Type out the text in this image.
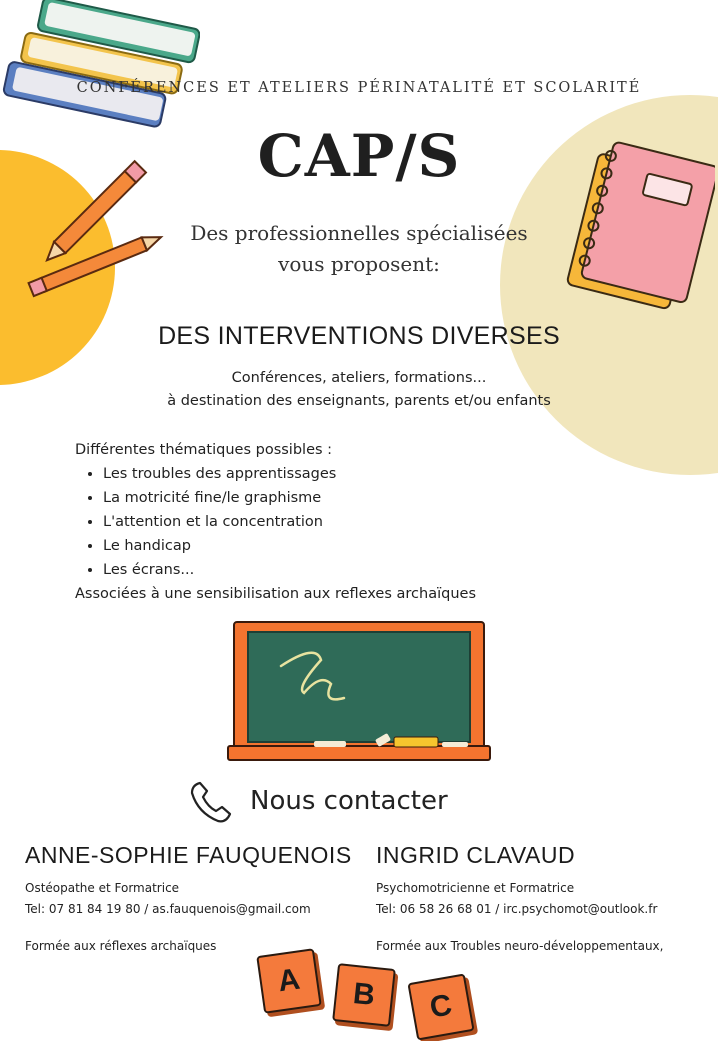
CONFÉRENCES ET ATELIERS PÉRINATALITÉ ET SCOLARITÉ
CAP/S
Des professionnelles spécialisées
vous proposent:
DES INTERVENTIONS DIVERSES
Conférences, ateliers, formations...
à destination des enseignants, parents et/ou enfants
Différentes thématiques possibles :
• Les troubles des apprentissages
• La motricité fine/le graphisme
• L'attention et la concentration
• Le handicap
• Les écrans...
Associées à une sensibilisation aux reflexes archaïques
Nous contacter
ANNE-SOPHIE FAUQUENOIS
Ostéopathe et Formatrice
Tel: 07 81 84 19 80 / as.fauquenois@gmail.com
Formée aux réflexes archaïques
INGRID CLAVAUD
Psychomotricienne et Formatrice
Tel: 06 58 26 68 01 / irc.psychomot@outlook.fr
Formée aux Troubles neuro-développementaux,
A	B	C
